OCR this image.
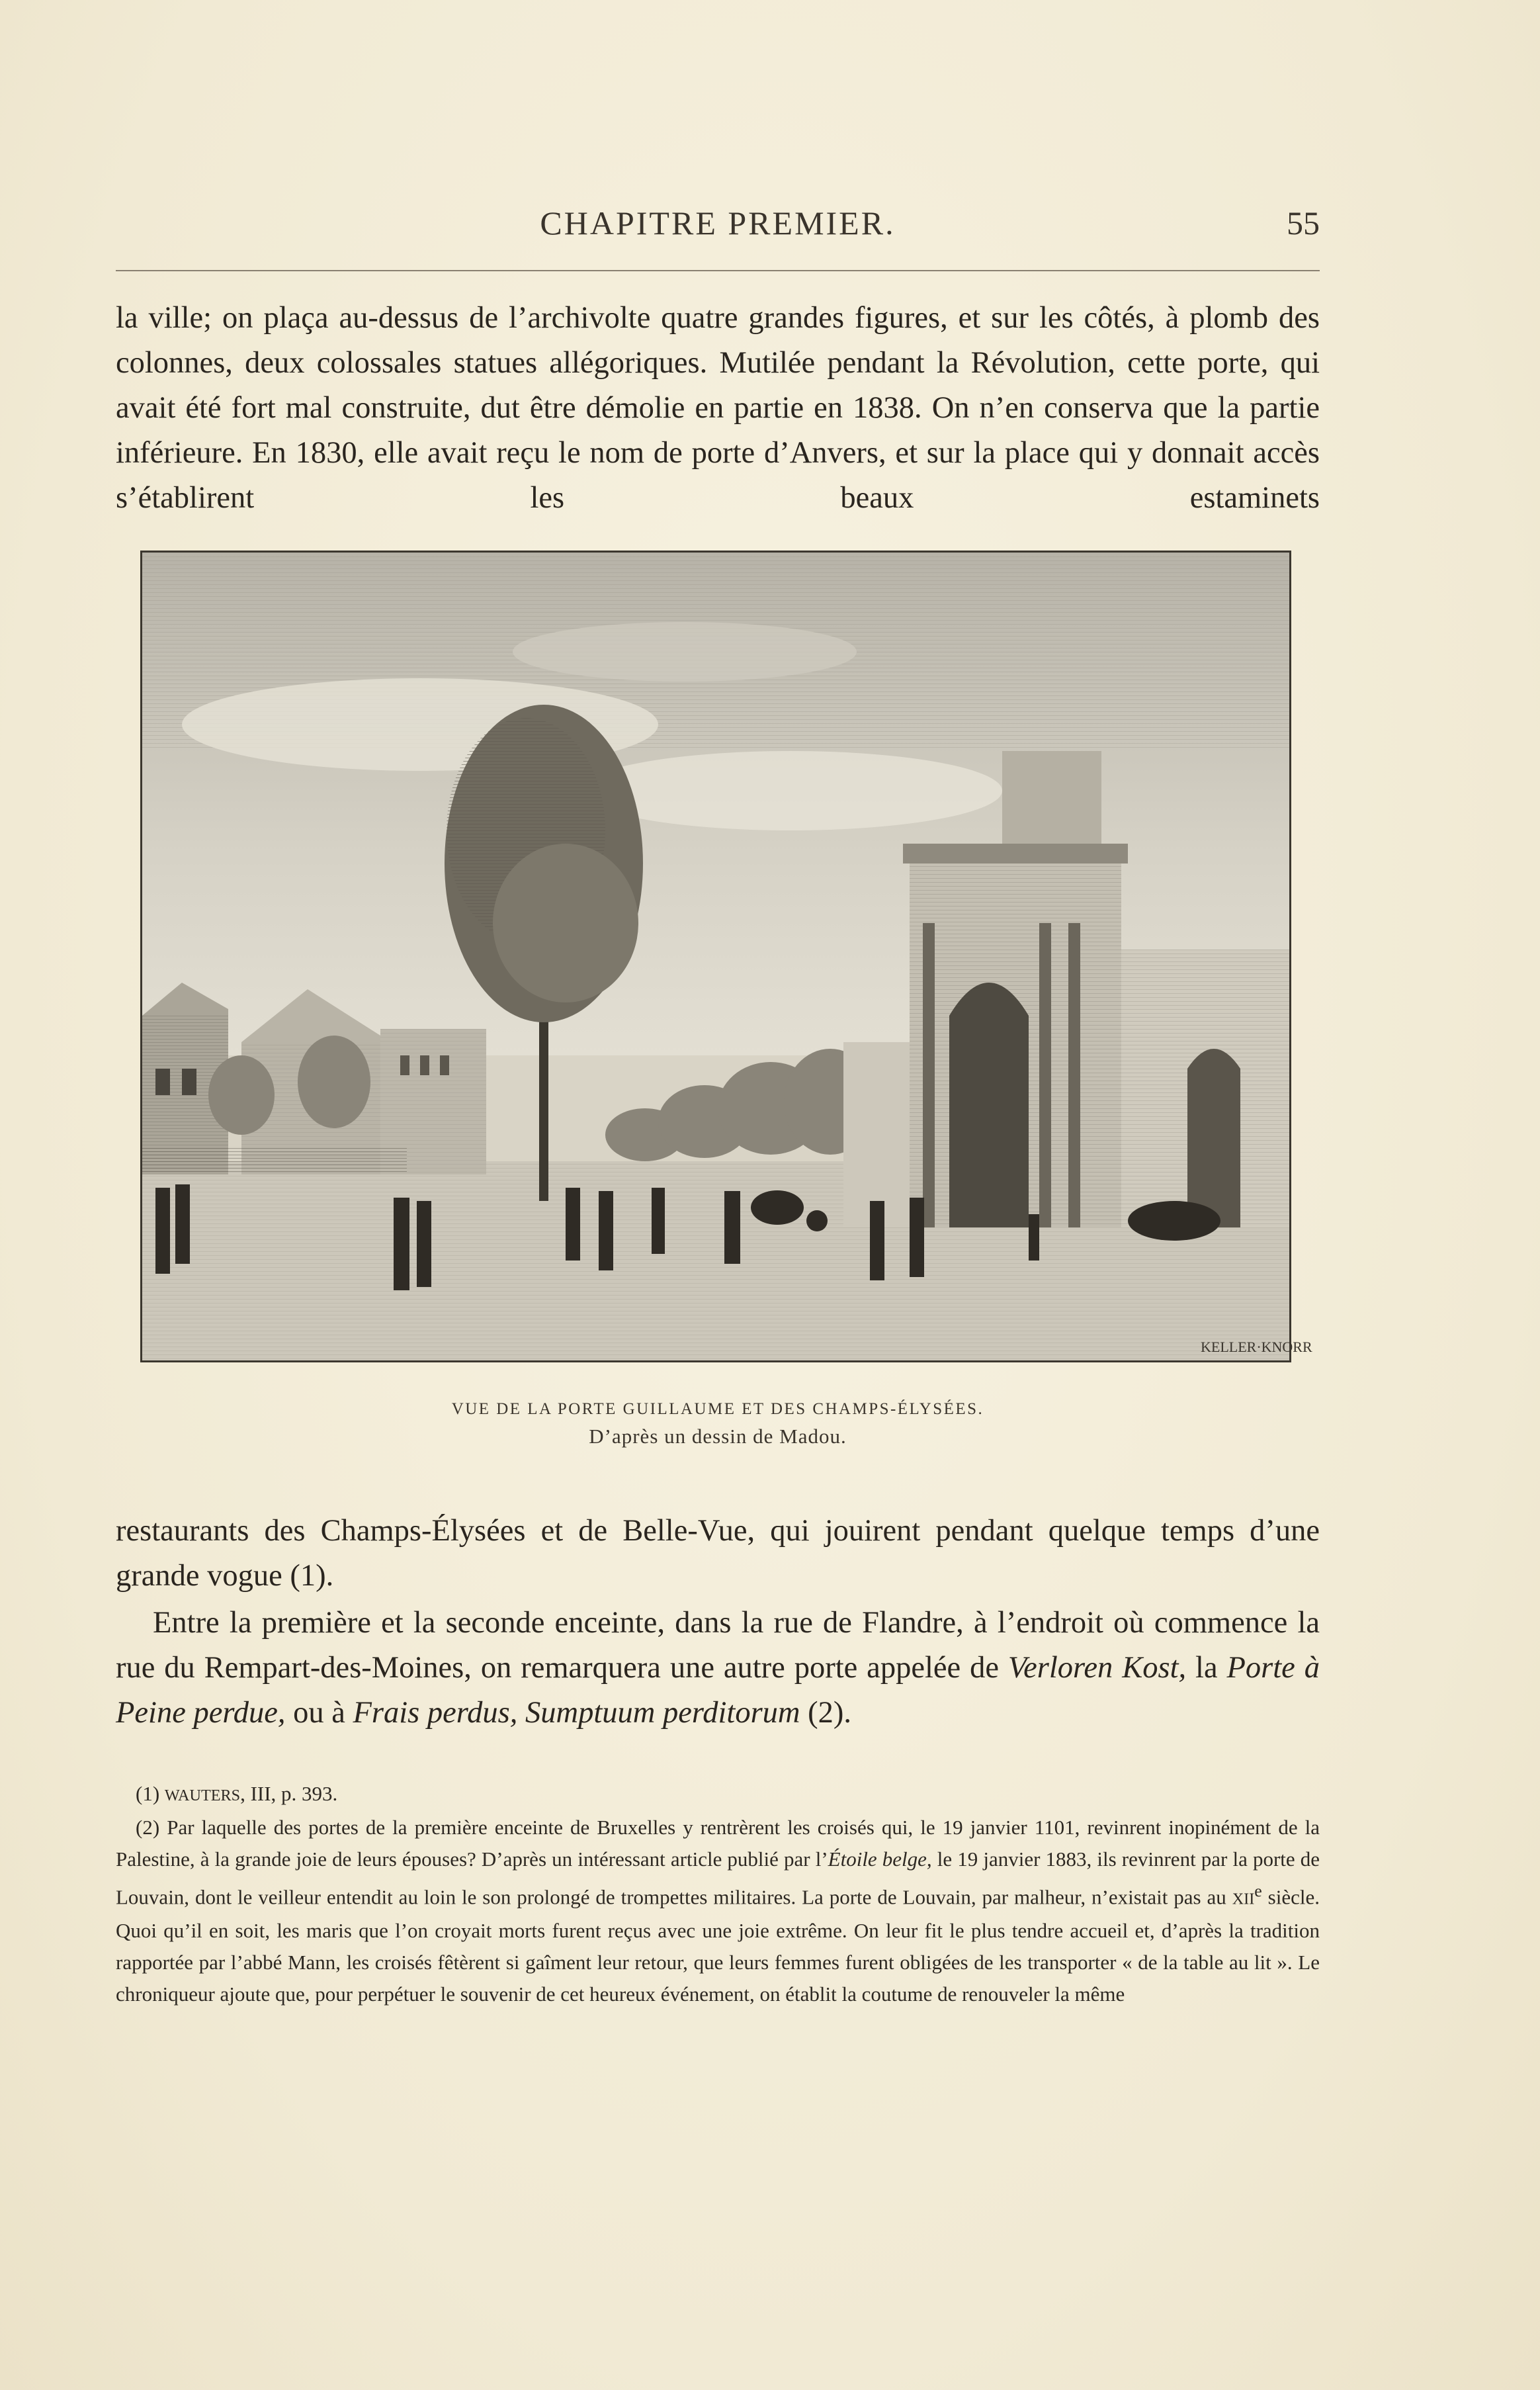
CHAPITRE PREMIER.	55

la ville; on plaça au-dessus de l’archivolte quatre grandes figures, et sur les côtés, à plomb des colonnes, deux colossales statues allégoriques. Mutilée pendant la Révolution, cette porte, qui avait été fort mal construite, dut être démolie en partie en 1838. On n’en conserva que la partie inférieure. En 1830, elle avait reçu le nom de porte d’Anvers, et sur la place qui y donnait accès s’établirent les beaux estaminets

KELLER·KNORR
VUE DE LA PORTE GUILLAUME ET DES CHAMPS-ÉLYSÉES.
D’après un dessin de Madou.

restaurants des Champs-Élysées et de Belle-Vue, qui jouirent pendant quelque temps d’une grande vogue (1).

Entre la première et la seconde enceinte, dans la rue de Flandre, à l’endroit où commence la rue du Rempart-des-Moines, on remarquera une autre porte appelée de Verloren Kost, la Porte à Peine perdue, ou à Frais perdus, Sumptuum perditorum (2).

(1) WAUTERS, III, p. 393.

(2) Par laquelle des portes de la première enceinte de Bruxelles y rentrèrent les croisés qui, le 19 janvier 1101, revinrent inopinément de la Palestine, à la grande joie de leurs épouses? D’après un intéressant article publié par l’Étoile belge, le 19 janvier 1883, ils revinrent par la porte de Louvain, dont le veilleur entendit au loin le son prolongé de trompettes militaires. La porte de Louvain, par malheur, n’existait pas au XIIe siècle. Quoi qu’il en soit, les maris que l’on croyait morts furent reçus avec une joie extrême. On leur fit le plus tendre accueil et, d’après la tradition rapportée par l’abbé Mann, les croisés fêtèrent si gaîment leur retour, que leurs femmes furent obligées de les transporter « de la table au lit ». Le chroniqueur ajoute que, pour perpétuer le souvenir de cet heureux événement, on établit la coutume de renouveler la même
